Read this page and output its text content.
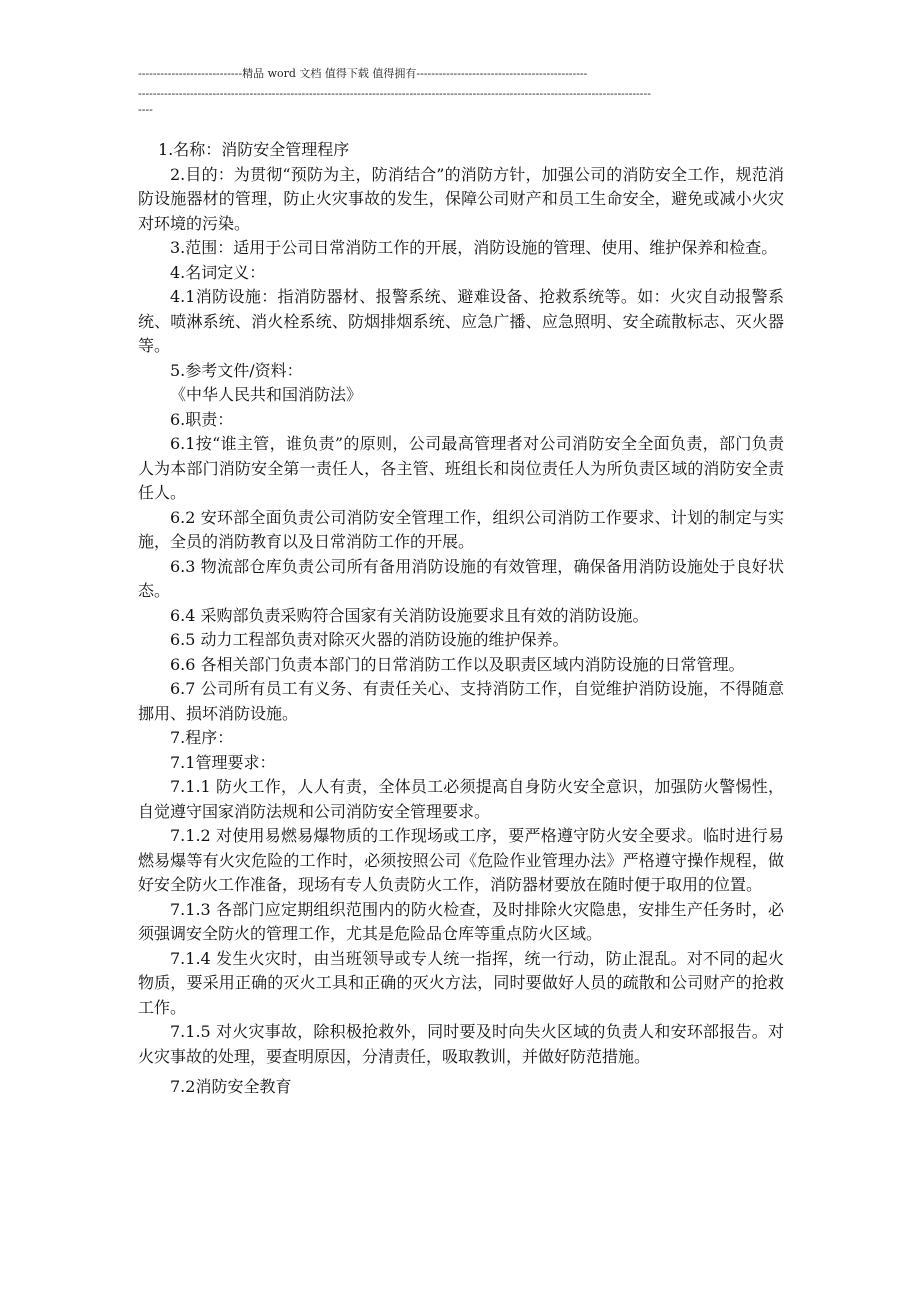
----------------------------精品 word 文档 值得下载 值得拥有----------------------------------------------
------------------------------------------------------------------------------------------------------------------------------------------
----

1.名称：消防安全管理程序

2.目的：为贯彻“预防为主，防消结合”的消防方针，加强公司的消防安全工作，规范消防设施器材的管理，防止火灾事故的发生，保障公司财产和员工生命安全，避免或减小火灾对环境的污染。

3.范围：适用于公司日常消防工作的开展，消防设施的管理、使用、维护保养和检查。

4.名词定义：

4.1消防设施：指消防器材、报警系统、避难设备、抢救系统等。如：火灾自动报警系统、喷淋系统、消火栓系统、防烟排烟系统、应急广播、应急照明、安全疏散标志、灭火器等。

5.参考文件/资料：

《中华人民共和国消防法》

6.职责：

6.1按“谁主管，谁负责”的原则，公司最高管理者对公司消防安全全面负责，部门负责人为本部门消防安全第一责任人，各主管、班组长和岗位责任人为所负责区域的消防安全责任人。

6.2 安环部全面负责公司消防安全管理工作，组织公司消防工作要求、计划的制定与实施，全员的消防教育以及日常消防工作的开展。

6.3 物流部仓库负责公司所有备用消防设施的有效管理，确保备用消防设施处于良好状态。

6.4 采购部负责采购符合国家有关消防设施要求且有效的消防设施。

6.5 动力工程部负责对除灭火器的消防设施的维护保养。

6.6 各相关部门负责本部门的日常消防工作以及职责区域内消防设施的日常管理。

6.7 公司所有员工有义务、有责任关心、支持消防工作，自觉维护消防设施，不得随意挪用、损坏消防设施。

7.程序：

7.1管理要求：

7.1.1 防火工作，人人有责，全体员工必须提高自身防火安全意识，加强防火警惕性，自觉遵守国家消防法规和公司消防安全管理要求。

7.1.2 对使用易燃易爆物质的工作现场或工序，要严格遵守防火安全要求。临时进行易燃易爆等有火灾危险的工作时，必须按照公司《危险作业管理办法》严格遵守操作规程，做好安全防火工作准备，现场有专人负责防火工作，消防器材要放在随时便于取用的位置。

7.1.3 各部门应定期组织范围内的防火检查，及时排除火灾隐患，安排生产任务时，必须强调安全防火的管理工作，尤其是危险品仓库等重点防火区域。

7.1.4 发生火灾时，由当班领导或专人统一指挥，统一行动，防止混乱。对不同的起火物质，要采用正确的灭火工具和正确的灭火方法，同时要做好人员的疏散和公司财产的抢救工作。

7.1.5 对火灾事故，除积极抢救外，同时要及时向失火区域的负责人和安环部报告。对火灾事故的处理，要查明原因，分清责任，吸取教训，并做好防范措施。

7.2消防安全教育
